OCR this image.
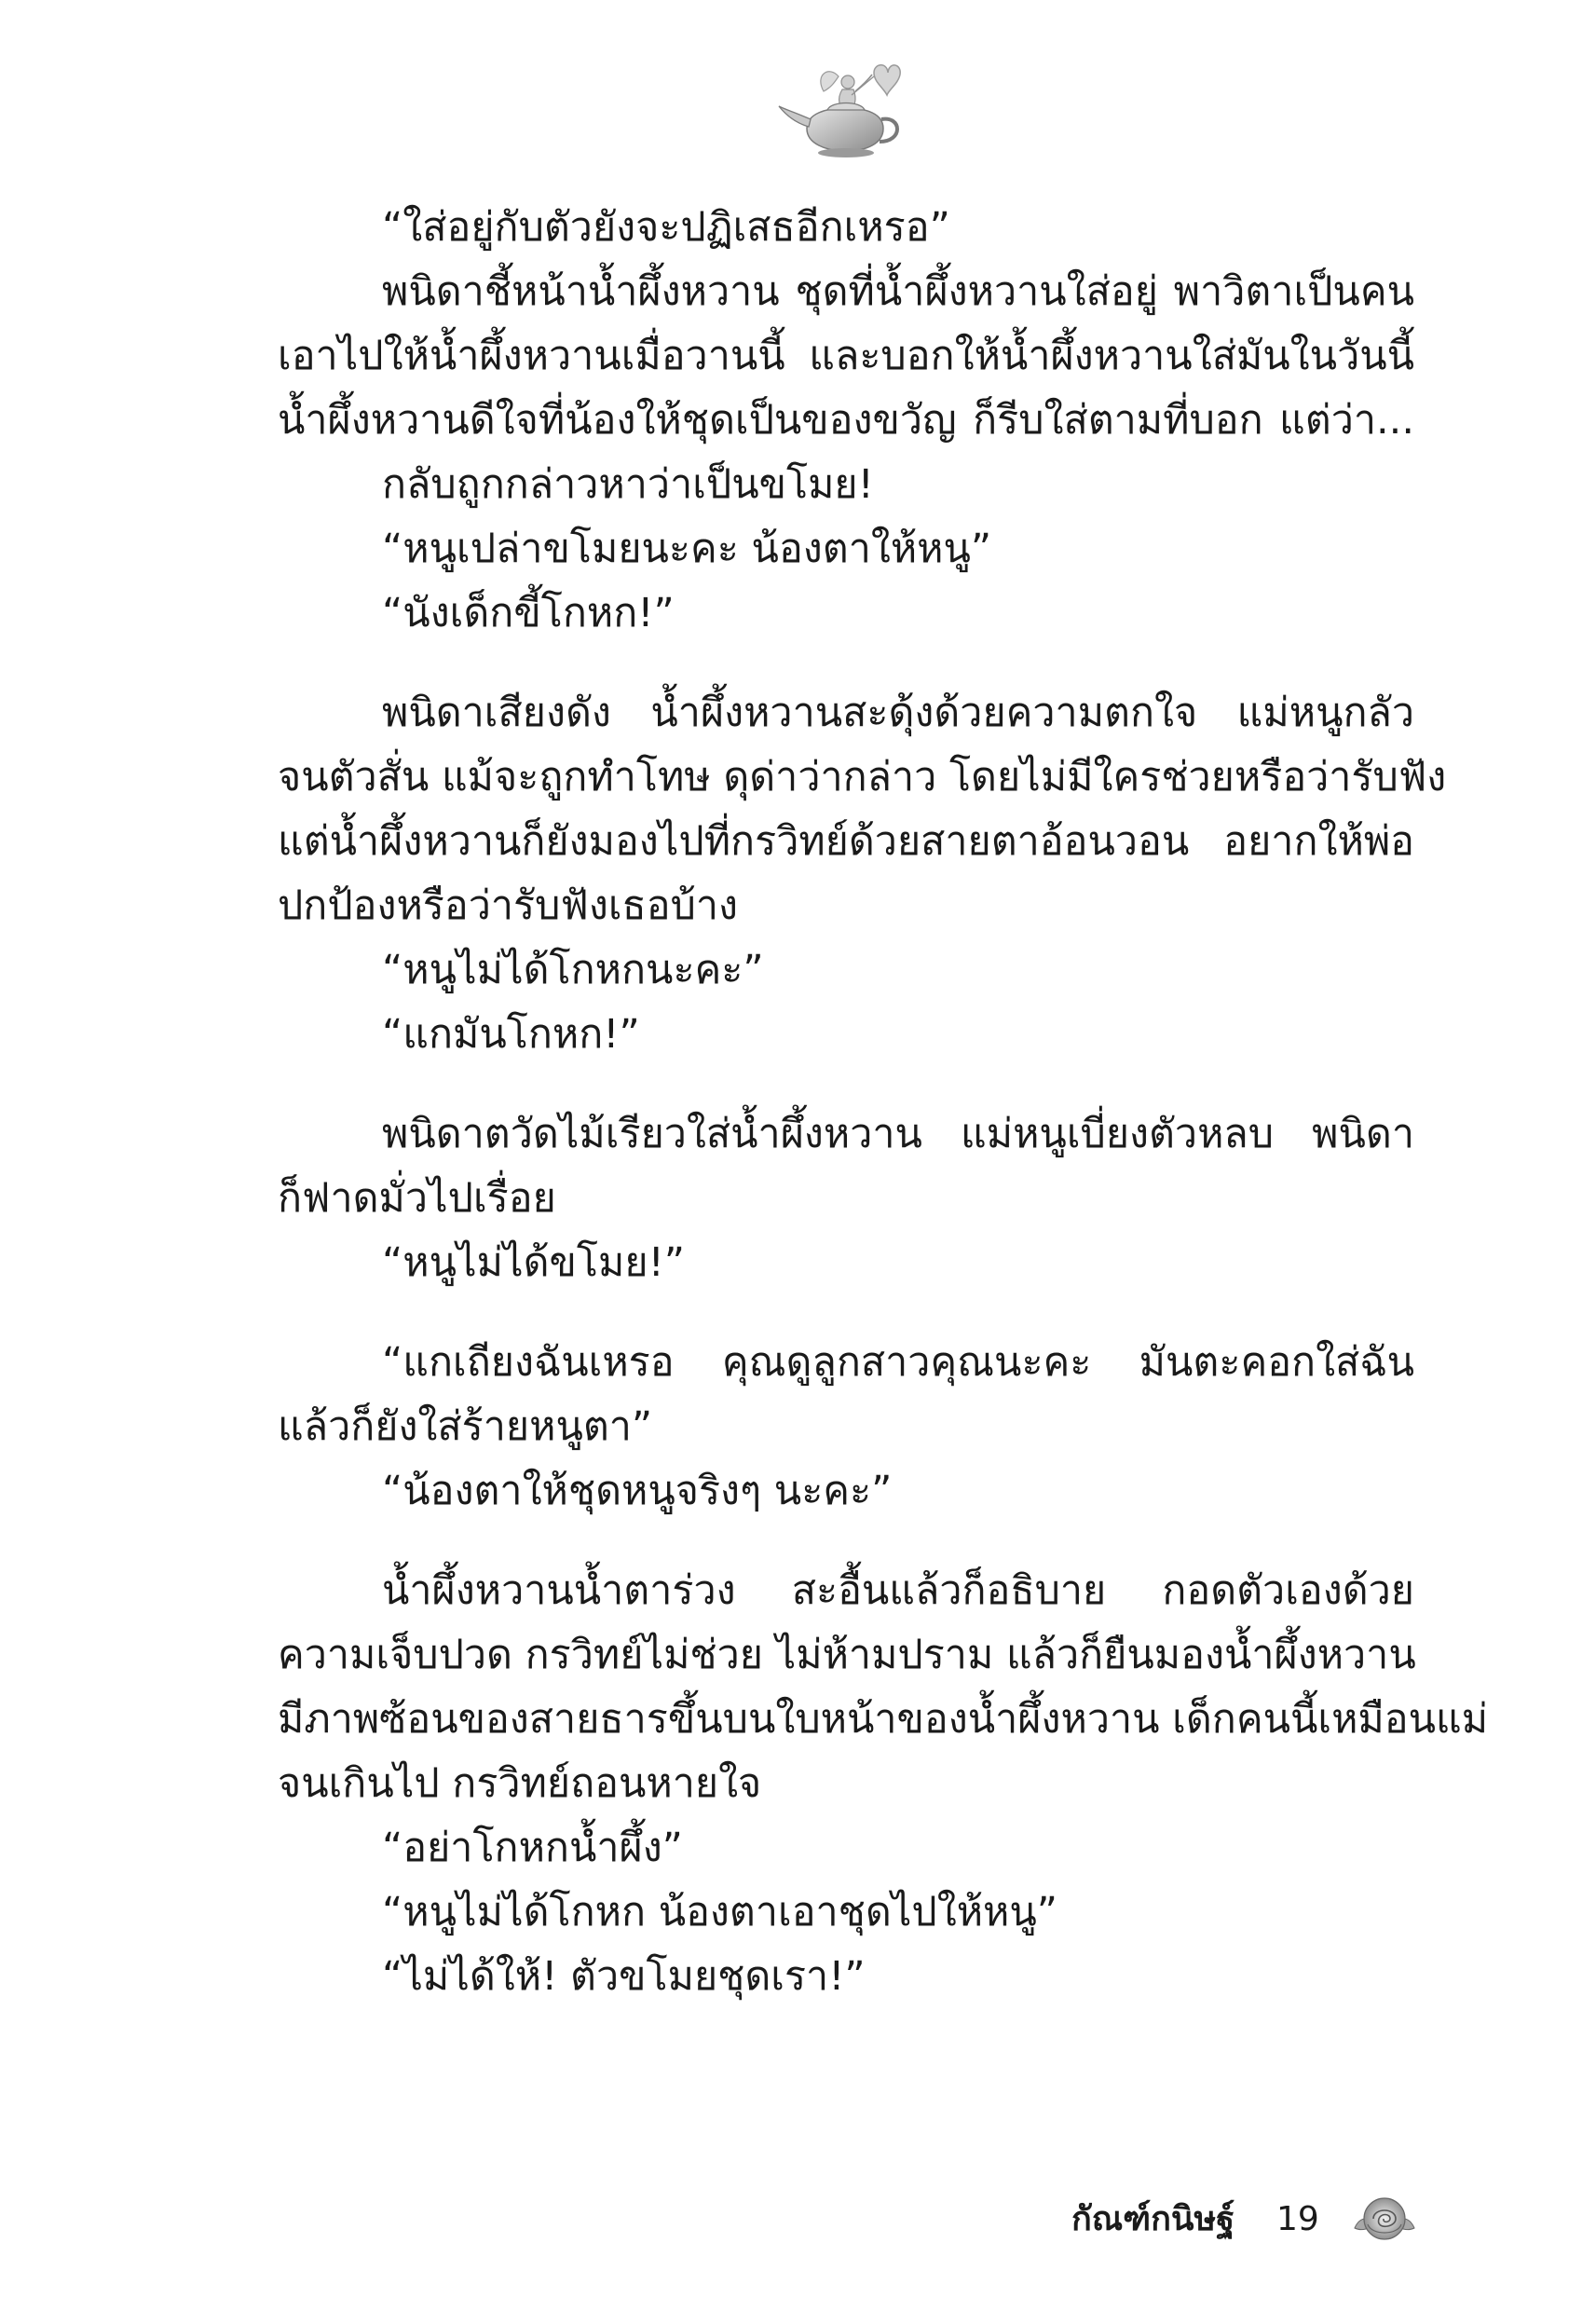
“ใส่อยู่กับตัวยังจะปฏิเสธอีกเหรอ”
พนิดาชี้หน้าน้ำผึ้งหวาน ชุดที่น้ำผึ้งหวานใส่อยู่ พาวิตาเป็นคน
เอาไปให้น้ำผึ้งหวานเมื่อวานนี้ และบอกให้น้ำผึ้งหวานใส่มันในวันนี้
น้ำผึ้งหวานดีใจที่น้องให้ชุดเป็นของขวัญ ก็รีบใส่ตามที่บอก แต่ว่า...
กลับถูกกล่าวหาว่าเป็นขโมย!
“หนูเปล่าขโมยนะคะ น้องตาให้หนู”
“นังเด็กขี้โกหก!”
พนิดาเสียงดัง น้ำผึ้งหวานสะดุ้งด้วยความตกใจ แม่หนูกลัว
จนตัวสั่น แม้จะถูกทำโทษ ดุด่าว่ากล่าว โดยไม่มีใครช่วยหรือว่ารับฟัง
แต่น้ำผึ้งหวานก็ยังมองไปที่กรวิทย์ด้วยสายตาอ้อนวอน อยากให้พ่อ
ปกป้องหรือว่ารับฟังเธอบ้าง
“หนูไม่ได้โกหกนะคะ”
“แกมันโกหก!”
พนิดาตวัดไม้เรียวใส่น้ำผึ้งหวาน แม่หนูเบี่ยงตัวหลบ พนิดา
ก็ฟาดมั่วไปเรื่อย
“หนูไม่ได้ขโมย!”
“แกเถียงฉันเหรอ คุณดูลูกสาวคุณนะคะ มันตะคอกใส่ฉัน
แล้วก็ยังใส่ร้ายหนูตา”
“น้องตาให้ชุดหนูจริงๆ นะคะ”
น้ำผึ้งหวานน้ำตาร่วง สะอื้นแล้วก็อธิบาย กอดตัวเองด้วย
ความเจ็บปวด กรวิทย์ไม่ช่วย ไม่ห้ามปราม แล้วก็ยืนมองน้ำผึ้งหวาน
มีภาพซ้อนของสายธารขึ้นบนใบหน้าของน้ำผึ้งหวาน เด็กคนนี้เหมือนแม่
จนเกินไป กรวิทย์ถอนหายใจ
“อย่าโกหกน้ำผึ้ง”
“หนูไม่ได้โกหก น้องตาเอาชุดไปให้หนู”
“ไม่ได้ให้! ตัวขโมยชุดเรา!”
กัณฑ์กนิษฐ์ 19
